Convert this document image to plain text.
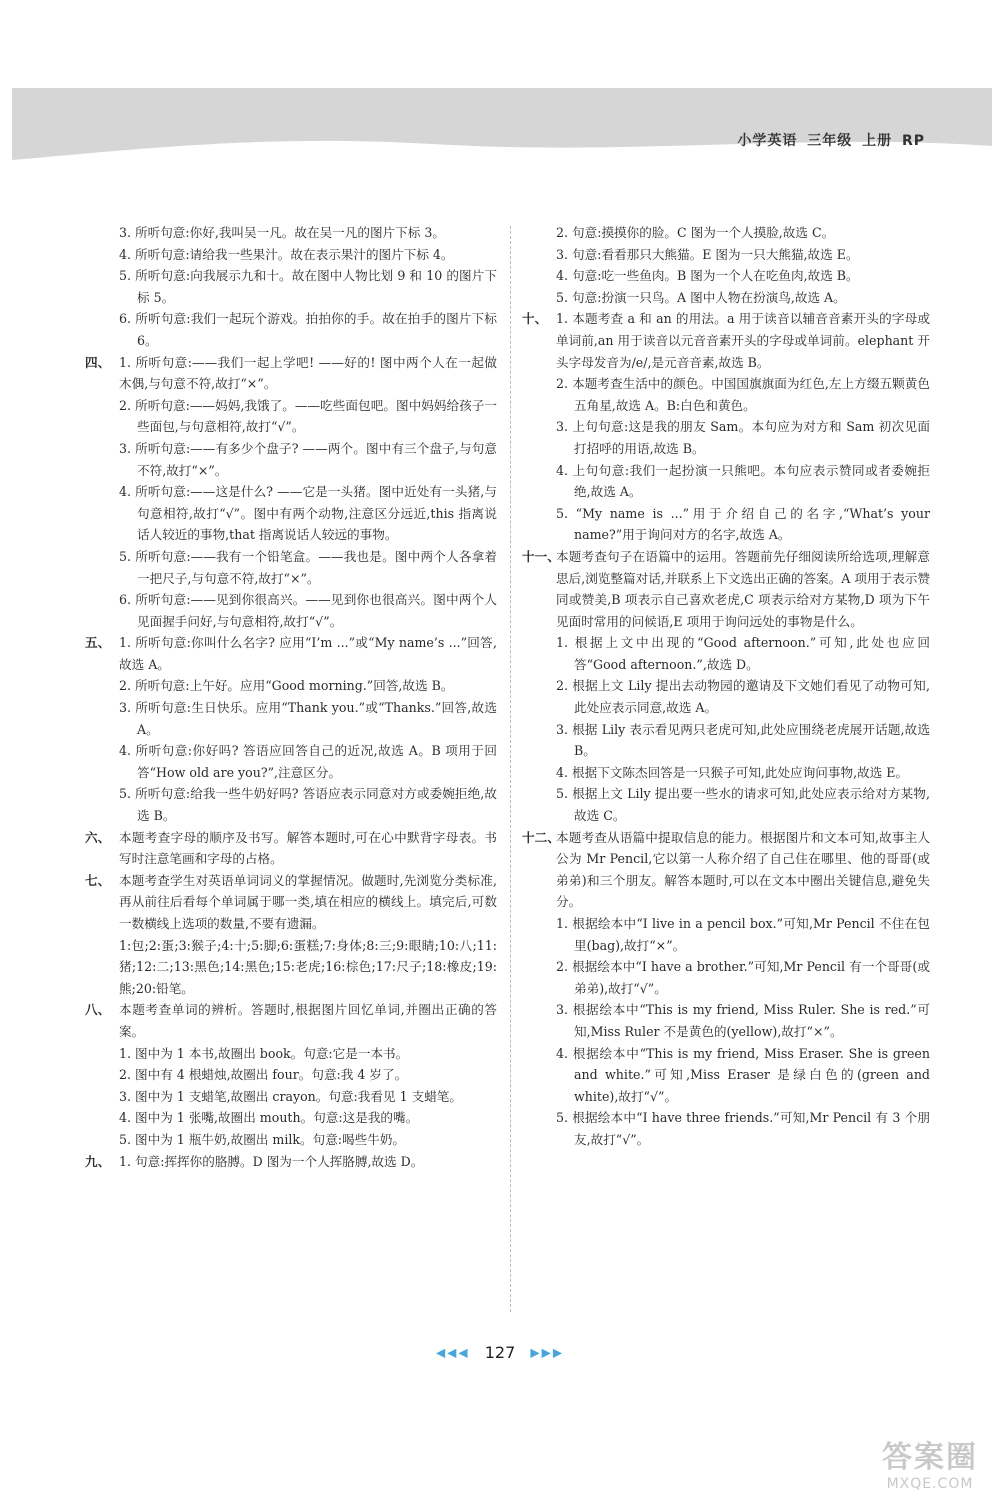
小学英语 三年级 上册 RP
3. 所听句意:你好,我叫吴一凡。故在吴一凡的图片下标 3。
4. 所听句意:请给我一些果汁。故在表示果汁的图片下标 4。
5. 所听句意:向我展示九和十。故在图中人物比划 9 和 10 的图片下标 5。
6. 所听句意:我们一起玩个游戏。拍拍你的手。故在拍手的图片下标 6。
四、 1. 所听句意:——我们一起上学吧! ——好的! 图中两个人在一起做木偶,与句意不符,故打“×”。
2. 所听句意:——妈妈,我饿了。——吃些面包吧。图中妈妈给孩子一些面包,与句意相符,故打“√”。
3. 所听句意:——有多少个盘子? ——两个。图中有三个盘子,与句意不符,故打“×”。
4. 所听句意:——这是什么? ——它是一头猪。图中近处有一头猪,与句意相符,故打“√”。图中有两个动物,注意区分远近,this 指离说话人较近的事物,that 指离说话人较远的事物。
5. 所听句意:——我有一个铅笔盒。——我也是。图中两个人各拿着一把尺子,与句意不符,故打“×”。
6. 所听句意:——见到你很高兴。——见到你也很高兴。图中两个人见面握手问好,与句意相符,故打“√”。
五、 1. 所听句意:你叫什么名字? 应用“I’m ...”或“My name’s ...”回答,故选 A。
2. 所听句意:上午好。应用“Good morning.”回答,故选 B。
3. 所听句意:生日快乐。应用“Thank you.”或“Thanks.”回答,故选 A。
4. 所听句意:你好吗? 答语应回答自己的近况,故选 A。B 项用于回答“How old are you?”,注意区分。
5. 所听句意:给我一些牛奶好吗? 答语应表示同意对方或委婉拒绝,故选 B。
六、 本题考查字母的顺序及书写。解答本题时,可在心中默背字母表。书写时注意笔画和字母的占格。
七、 本题考查学生对英语单词词义的掌握情况。做题时,先浏览分类标准,再从前往后看每个单词属于哪一类,填在相应的横线上。填完后,可数一数横线上选项的数量,不要有遗漏。
1:包;2:蛋;3:猴子;4:十;5:脚;6:蛋糕;7:身体;8:三;9:眼睛;10:八;11:猪;12:二;13:黑色;14:黑色;15:老虎;16:棕色;17:尺子;18:橡皮;19:熊;20:铅笔。
八、 本题考查单词的辨析。答题时,根据图片回忆单词,并圈出正确的答案。
1. 图中为 1 本书,故圈出 book。句意:它是一本书。
2. 图中有 4 根蜡烛,故圈出 four。句意:我 4 岁了。
3. 图中为 1 支蜡笔,故圈出 crayon。句意:我看见 1 支蜡笔。
4. 图中为 1 张嘴,故圈出 mouth。句意:这是我的嘴。
5. 图中为 1 瓶牛奶,故圈出 milk。句意:喝些牛奶。
九、 1. 句意:挥挥你的胳膊。D 图为一个人挥胳膊,故选 D。
2. 句意:摸摸你的脸。C 图为一个人摸脸,故选 C。
3. 句意:看看那只大熊猫。E 图为一只大熊猫,故选 E。
4. 句意:吃一些鱼肉。B 图为一个人在吃鱼肉,故选 B。
5. 句意:扮演一只鸟。A 图中人物在扮演鸟,故选 A。
十、 1. 本题考查 a 和 an 的用法。a 用于读音以辅音音素开头的字母或单词前,an 用于读音以元音音素开头的字母或单词前。elephant 开头字母发音为/e/,是元音音素,故选 B。
2. 本题考查生活中的颜色。中国国旗旗面为红色,左上方缀五颗黄色五角星,故选 A。B:白色和黄色。
3. 上句句意:这是我的朋友 Sam。本句应为对方和 Sam 初次见面打招呼的用语,故选 B。
4. 上句句意:我们一起扮演一只熊吧。本句应表示赞同或者委婉拒绝,故选 A。
5. “My name is ...”用于介绍自己的名字,“What’s your name?”用于询问对方的名字,故选 A。
十一、
本题考查句子在语篇中的运用。答题前先仔细阅读所给选项,理解意思后,浏览整篇对话,并联系上下文选出正确的答案。A 项用于表示赞同或赞美,B 项表示自己喜欢老虎,C 项表示给对方某物,D 项为下午见面时常用的问候语,E 项用于询问远处的事物是什么。
1. 根据上文中出现的“Good afternoon.”可知,此处也应回答“Good afternoon.”,故选 D。
2. 根据上文 Lily 提出去动物园的邀请及下文她们看见了动物可知,此处应表示同意,故选 A。
3. 根据 Lily 表示看见两只老虎可知,此处应围绕老虎展开话题,故选 B。
4. 根据下文陈杰回答是一只猴子可知,此处应询问事物,故选 E。
5. 根据上文 Lily 提出要一些水的请求可知,此处应表示给对方某物,故选 C。
十二、
本题考查从语篇中提取信息的能力。根据图片和文本可知,故事主人公为 Mr Pencil,它以第一人称介绍了自己住在哪里、他的哥哥(或弟弟)和三个朋友。解答本题时,可以在文本中圈出关键信息,避免失分。
1. 根据绘本中“I live in a pencil box.”可知,Mr Pencil 不住在包里(bag),故打“×”。
2. 根据绘本中“I have a brother.”可知,Mr Pencil 有一个哥哥(或弟弟),故打“√”。
3. 根据绘本中“This is my friend, Miss Ruler. She is red.”可知,Miss Ruler 不是黄色的(yellow),故打“×”。
4. 根据绘本中“This is my friend, Miss Eraser. She is green and white.”可知,Miss Eraser 是绿白色的(green and white),故打“√”。
5. 根据绘本中“I have three friends.”可知,Mr Pencil 有 3 个朋友,故打“√”。
◀◀◀ 127 ▶▶▶
答案圈
MXQE.COM
